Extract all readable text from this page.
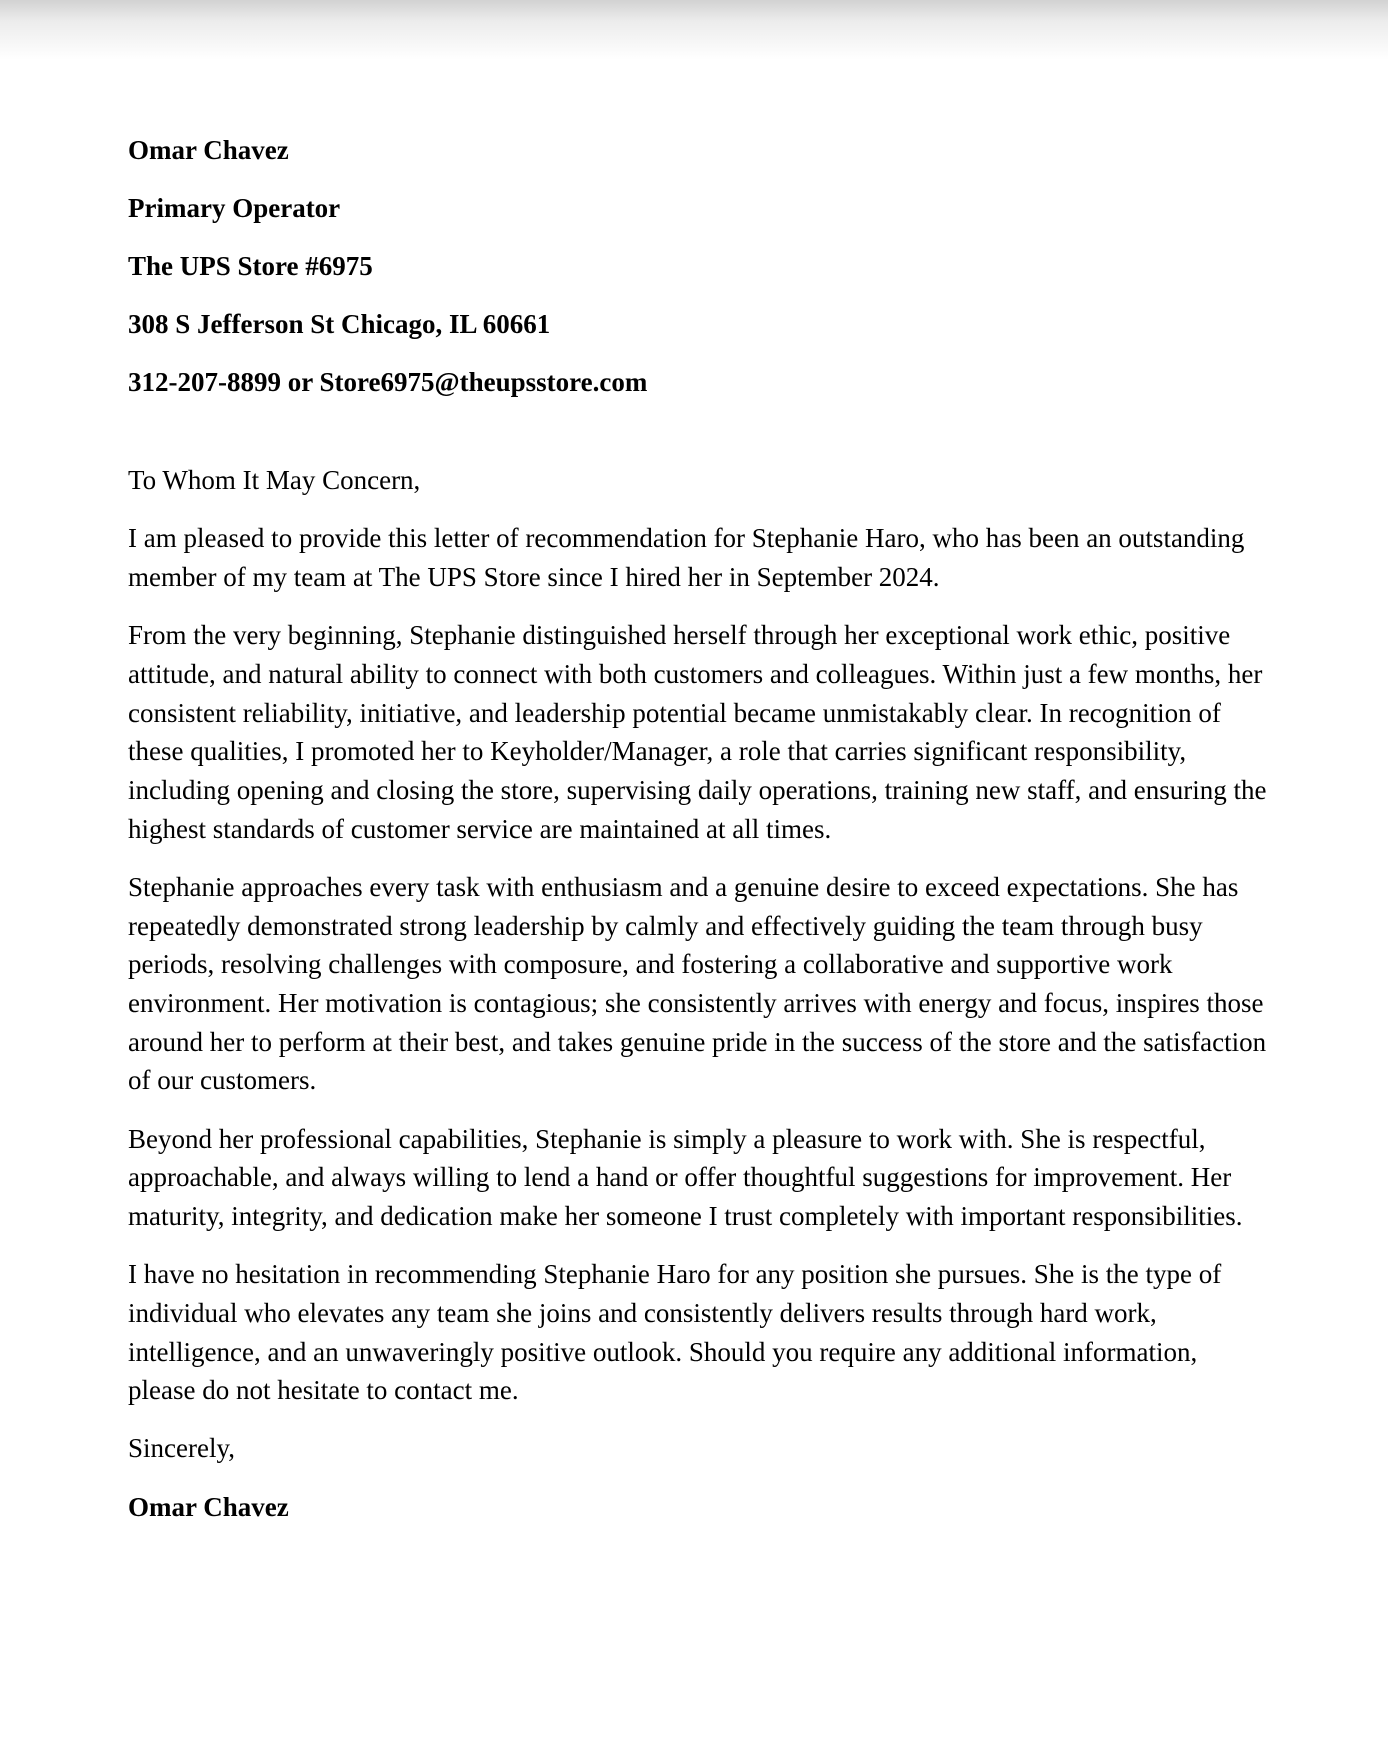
Omar Chavez

Primary Operator

The UPS Store #6975

308 S Jefferson St Chicago, IL 60661

312-207-8899 or Store6975@theupsstore.com

To Whom It May Concern,

I am pleased to provide this letter of recommendation for Stephanie Haro, who has been an outstanding member of my team at The UPS Store since I hired her in September 2024.

From the very beginning, Stephanie distinguished herself through her exceptional work ethic, positive attitude, and natural ability to connect with both customers and colleagues. Within just a few months, her consistent reliability, initiative, and leadership potential became unmistakably clear. In recognition of these qualities, I promoted her to Keyholder/Manager, a role that carries significant responsibility, including opening and closing the store, supervising daily operations, training new staff, and ensuring the highest standards of customer service are maintained at all times.

Stephanie approaches every task with enthusiasm and a genuine desire to exceed expectations. She has repeatedly demonstrated strong leadership by calmly and effectively guiding the team through busy periods, resolving challenges with composure, and fostering a collaborative and supportive work environment. Her motivation is contagious; she consistently arrives with energy and focus, inspires those around her to perform at their best, and takes genuine pride in the success of the store and the satisfaction of our customers.

Beyond her professional capabilities, Stephanie is simply a pleasure to work with. She is respectful, approachable, and always willing to lend a hand or offer thoughtful suggestions for improvement. Her maturity, integrity, and dedication make her someone I trust completely with important responsibilities.

I have no hesitation in recommending Stephanie Haro for any position she pursues. She is the type of individual who elevates any team she joins and consistently delivers results through hard work, intelligence, and an unwaveringly positive outlook. Should you require any additional information, please do not hesitate to contact me.

Sincerely,

Omar Chavez
